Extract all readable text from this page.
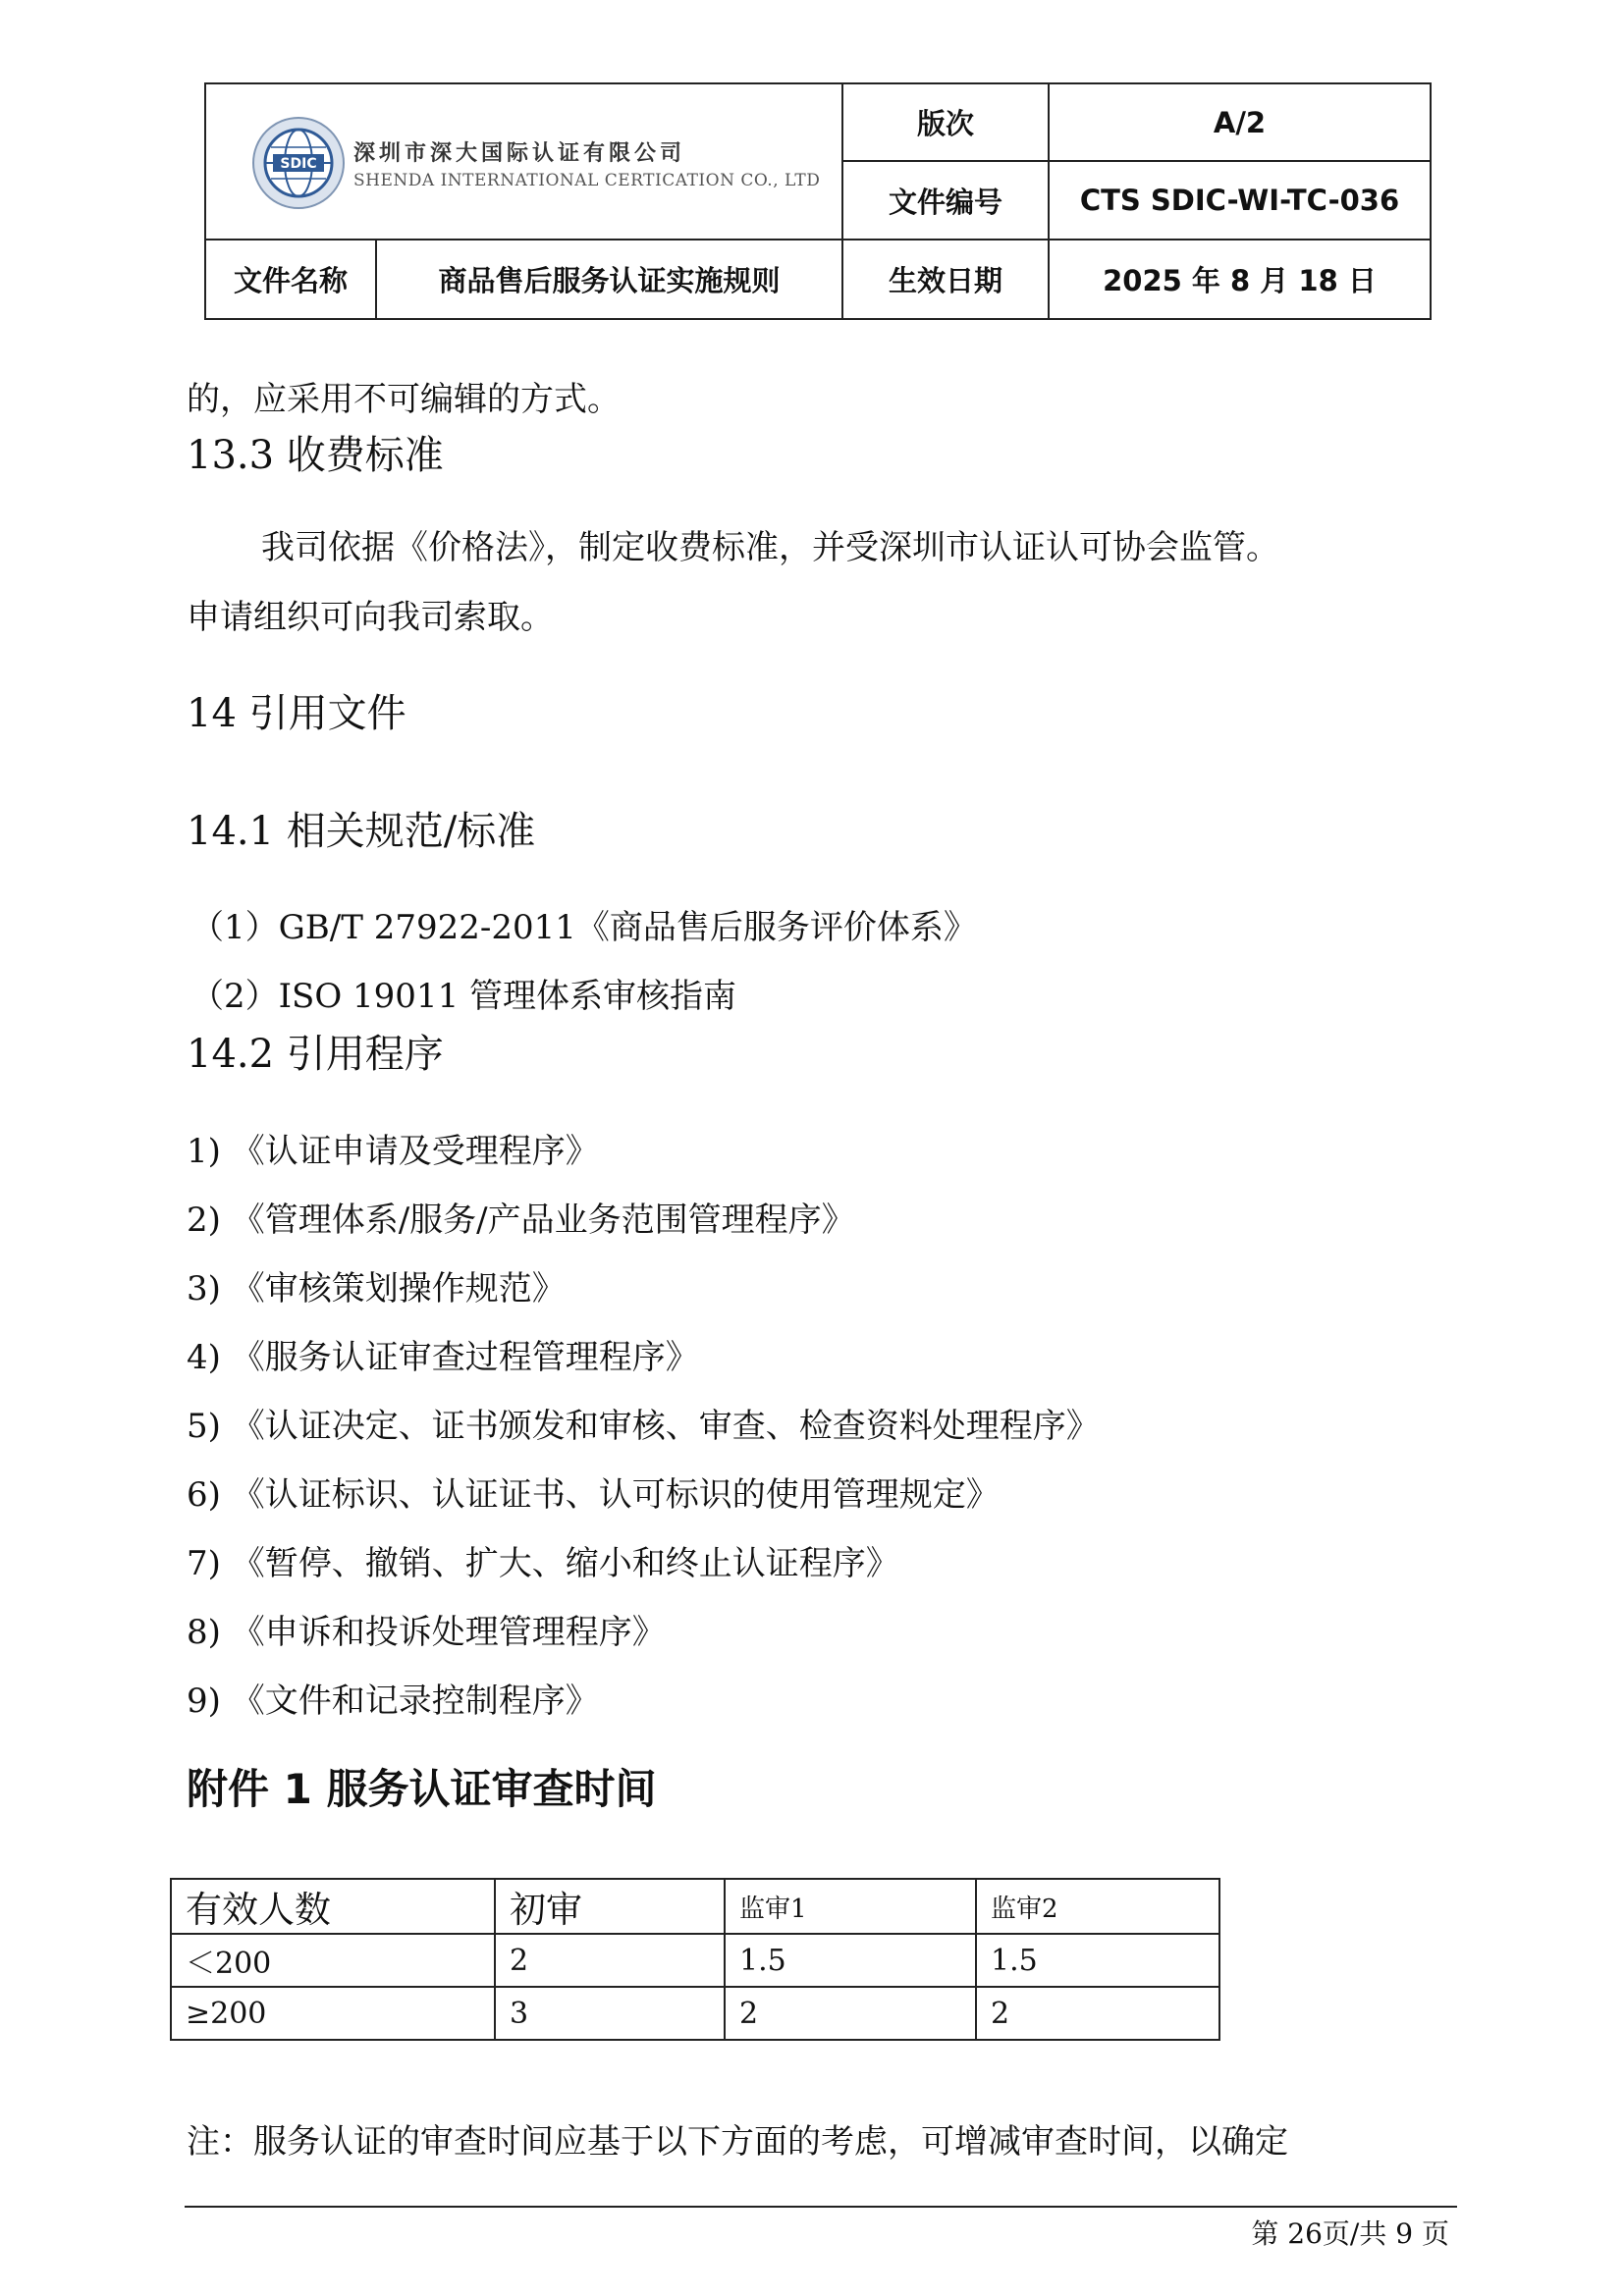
SDIC 深圳市深大国际认证有限公司
SHENDA INTERNATIONAL CERTICATION CO., LTD		版次	A/2
		文件编号	CTS SDIC-WI-TC-036
文件名称	商品售后服务认证实施规则	生效日期	2025 年 8 月 18 日
的，应采用不可编辑的方式。
13.3 收费标准
我司依据《价格法》，制定收费标准，并受深圳市认证认可协会监管。
申请组织可向我司索取。
14 引用文件
14.1 相关规范/标准
（1）GB/T 27922-2011《商品售后服务评价体系》
（2）ISO 19011 管理体系审核指南
14.2 引用程序
1) 《认证申请及受理程序》
2) 《管理体系/服务/产品业务范围管理程序》
3) 《审核策划操作规范》
4) 《服务认证审查过程管理程序》
5) 《认证决定、证书颁发和审核、审查、检查资料处理程序》
6) 《认证标识、认证证书、认可标识的使用管理规定》
7) 《暂停、撤销、扩大、缩小和终止认证程序》
8) 《申诉和投诉处理管理程序》
9) 《文件和记录控制程序》
附件 1 服务认证审查时间
有效人数	初审	监审1	监审2
＜200	2	1.5	1.5
≥200	3	2	2
注：服务认证的审查时间应基于以下方面的考虑，可增减审查时间，以确定
第 26页/共 9 页
